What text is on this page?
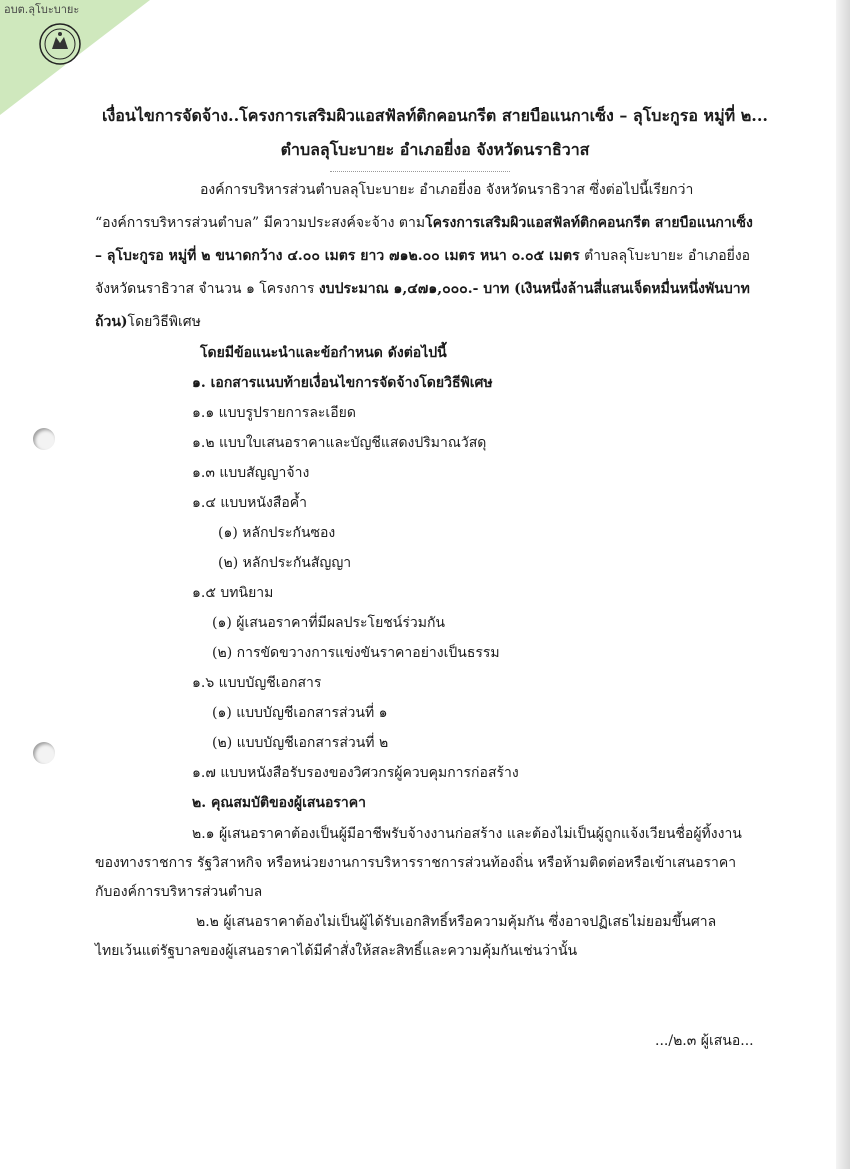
อบต.ลุโบะบายะ
เงื่อนไขการจัดจ้าง..โครงการเสริมผิวแอสฟัลท์ติกคอนกรีต สายบือแนกาเซ็ง – ลุโบะกูรอ หมู่ที่ ๒...
ตำบลลุโบะบายะ อำเภอยี่งอ จังหวัดนราธิวาส
องค์การบริหารส่วนตำบลลุโบะบายะ อำเภอยี่งอ จังหวัดนราธิวาส ซึ่งต่อไปนี้เรียกว่า
“องค์การบริหารส่วนตำบล” มีความประสงค์จะจ้าง ตามโครงการเสริมผิวแอสฟัลท์ติกคอนกรีต สายบือแนกาเซ็ง
– ลุโบะกูรอ หมู่ที่ ๒ ขนาดกว้าง ๔.๐๐ เมตร ยาว ๗๑๒.๐๐ เมตร หนา ๐.๐๕ เมตร ตำบลลุโบะบายะ อำเภอยี่งอ
จังหวัดนราธิวาส จำนวน ๑ โครงการ งบประมาณ ๑,๔๗๑,๐๐๐.- บาท (เงินหนึ่งล้านสี่แสนเจ็ดหมื่นหนึ่งพันบาท
ถ้วน)โดยวิธีพิเศษ
โดยมีข้อแนะนำและข้อกำหนด ดังต่อไปนี้
๑. เอกสารแนบท้ายเงื่อนไขการจัดจ้างโดยวิธีพิเศษ
๑.๑ แบบรูปรายการละเอียด
๑.๒ แบบใบเสนอราคาและบัญชีแสดงปริมาณวัสดุ
๑.๓ แบบสัญญาจ้าง
๑.๔ แบบหนังสือค้ำ
(๑) หลักประกันซอง
(๒) หลักประกันสัญญา
๑.๕ บทนิยาม
(๑) ผู้เสนอราคาที่มีผลประโยชน์ร่วมกัน
(๒) การขัดขวางการแข่งขันราคาอย่างเป็นธรรม
๑.๖ แบบบัญชีเอกสาร
(๑) แบบบัญชีเอกสารส่วนที่ ๑
(๒) แบบบัญชีเอกสารส่วนที่ ๒
๑.๗ แบบหนังสือรับรองของวิศวกรผู้ควบคุมการก่อสร้าง
๒. คุณสมบัติของผู้เสนอราคา
๒.๑ ผู้เสนอราคาต้องเป็นผู้มีอาชีพรับจ้างงานก่อสร้าง และต้องไม่เป็นผู้ถูกแจ้งเวียนชื่อผู้ทิ้งงาน
ของทางราชการ รัฐวิสาหกิจ หรือหน่วยงานการบริหารราชการส่วนท้องถิ่น หรือห้ามติดต่อหรือเข้าเสนอราคา
กับองค์การบริหารส่วนตำบล
๒.๒ ผู้เสนอราคาต้องไม่เป็นผู้ได้รับเอกสิทธิ์หรือความคุ้มกัน ซึ่งอาจปฏิเสธไม่ยอมขึ้นศาล
ไทยเว้นแต่รัฐบาลของผู้เสนอราคาได้มีคำสั่งให้สละสิทธิ์และความคุ้มกันเช่นว่านั้น
.../๒.๓ ผู้เสนอ...
